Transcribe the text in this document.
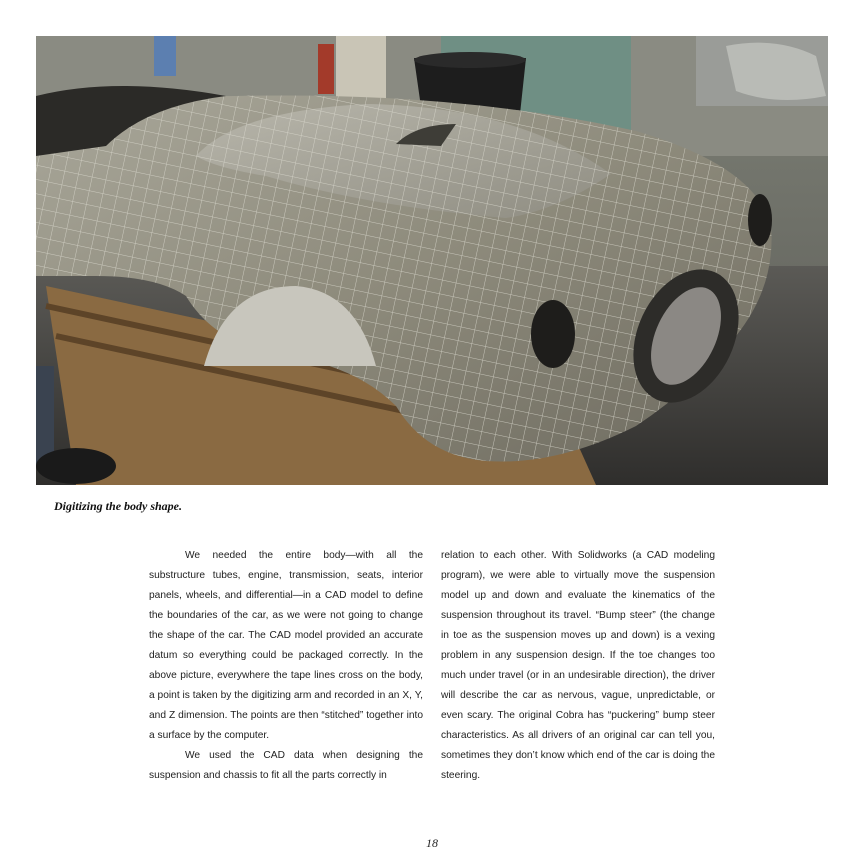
Digitizing the body shape.

We needed the entire body—with all the substructure tubes, engine, transmission, seats, interior panels, wheels, and differential—in a CAD model to define the boundaries of the car, as we were not going to change the shape of the car. The CAD model provided an accurate datum so everything could be packaged correctly. In the above picture, everywhere the tape lines cross on the body, a point is taken by the digitizing arm and recorded in an X, Y, and Z dimension. The points are then “stitched” together into a surface by the computer.

We used the CAD data when designing the suspension and chassis to fit all the parts correctly in

relation to each other. With Solidworks (a CAD modeling program), we were able to virtually move the suspension model up and down and evaluate the kinematics of the suspension throughout its travel. “Bump steer” (the change in toe as the suspension moves up and down) is a vexing problem in any suspension design. If the toe changes too much under travel (or in an undesirable direction), the driver will describe the car as nervous, vague, unpredictable, or even scary. The original Cobra has “puckering” bump steer characteristics. As all drivers of an original car can tell you, sometimes they don’t know which end of the car is doing the steering.

18
